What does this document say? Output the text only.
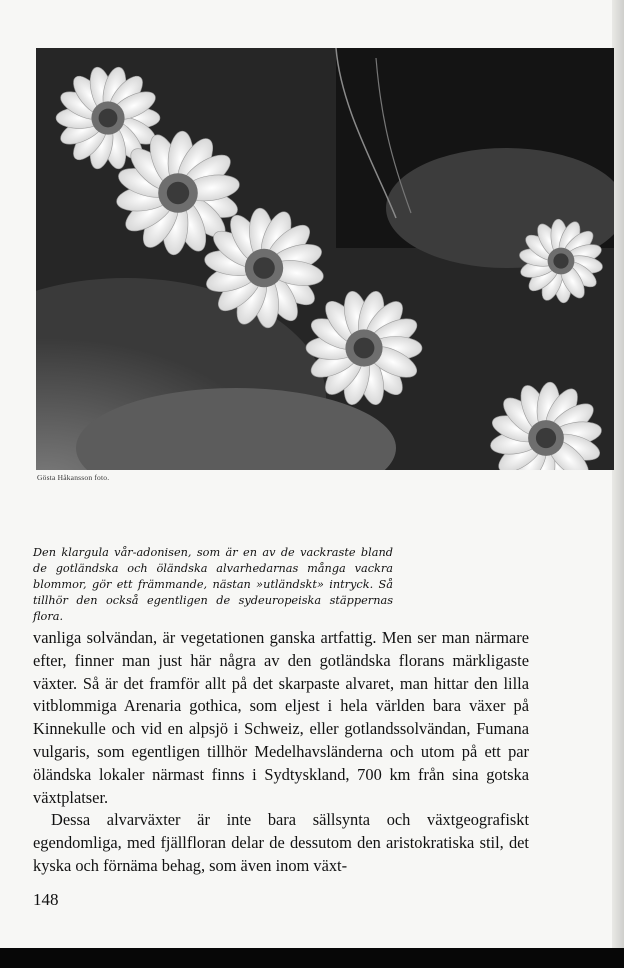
Gösta Håkansson foto.

Den klargula vår-adonisen, som är en av de vackraste bland de gotländska och öländska alvarhedarnas många vackra blommor, gör ett främmande, nästan »utländskt» intryck. Så tillhör den också egentligen de sydeuropeiska stäppernas flora.

vanliga solvändan, är vegetationen ganska artfattig. Men ser man närmare efter, finner man just här några av den gotländska florans märkligaste växter. Så är det framför allt på det skarpaste alvaret, man hittar den lilla vitblommiga Arenaria gothica, som eljest i hela världen bara växer på Kinnekulle och vid en alpsjö i Schweiz, eller gotlandssolvändan, Fumana vulgaris, som egentligen tillhör Medelhavsländerna och utom på ett par öländska lokaler närmast finns i Sydtyskland, 700 km från sina gotska växtplatser.

Dessa alvarväxter är inte bara sällsynta och växtgeografiskt egendomliga, med fjällfloran delar de dessutom den aristokratiska stil, det kyska och förnäma behag, som även inom växt-

148
